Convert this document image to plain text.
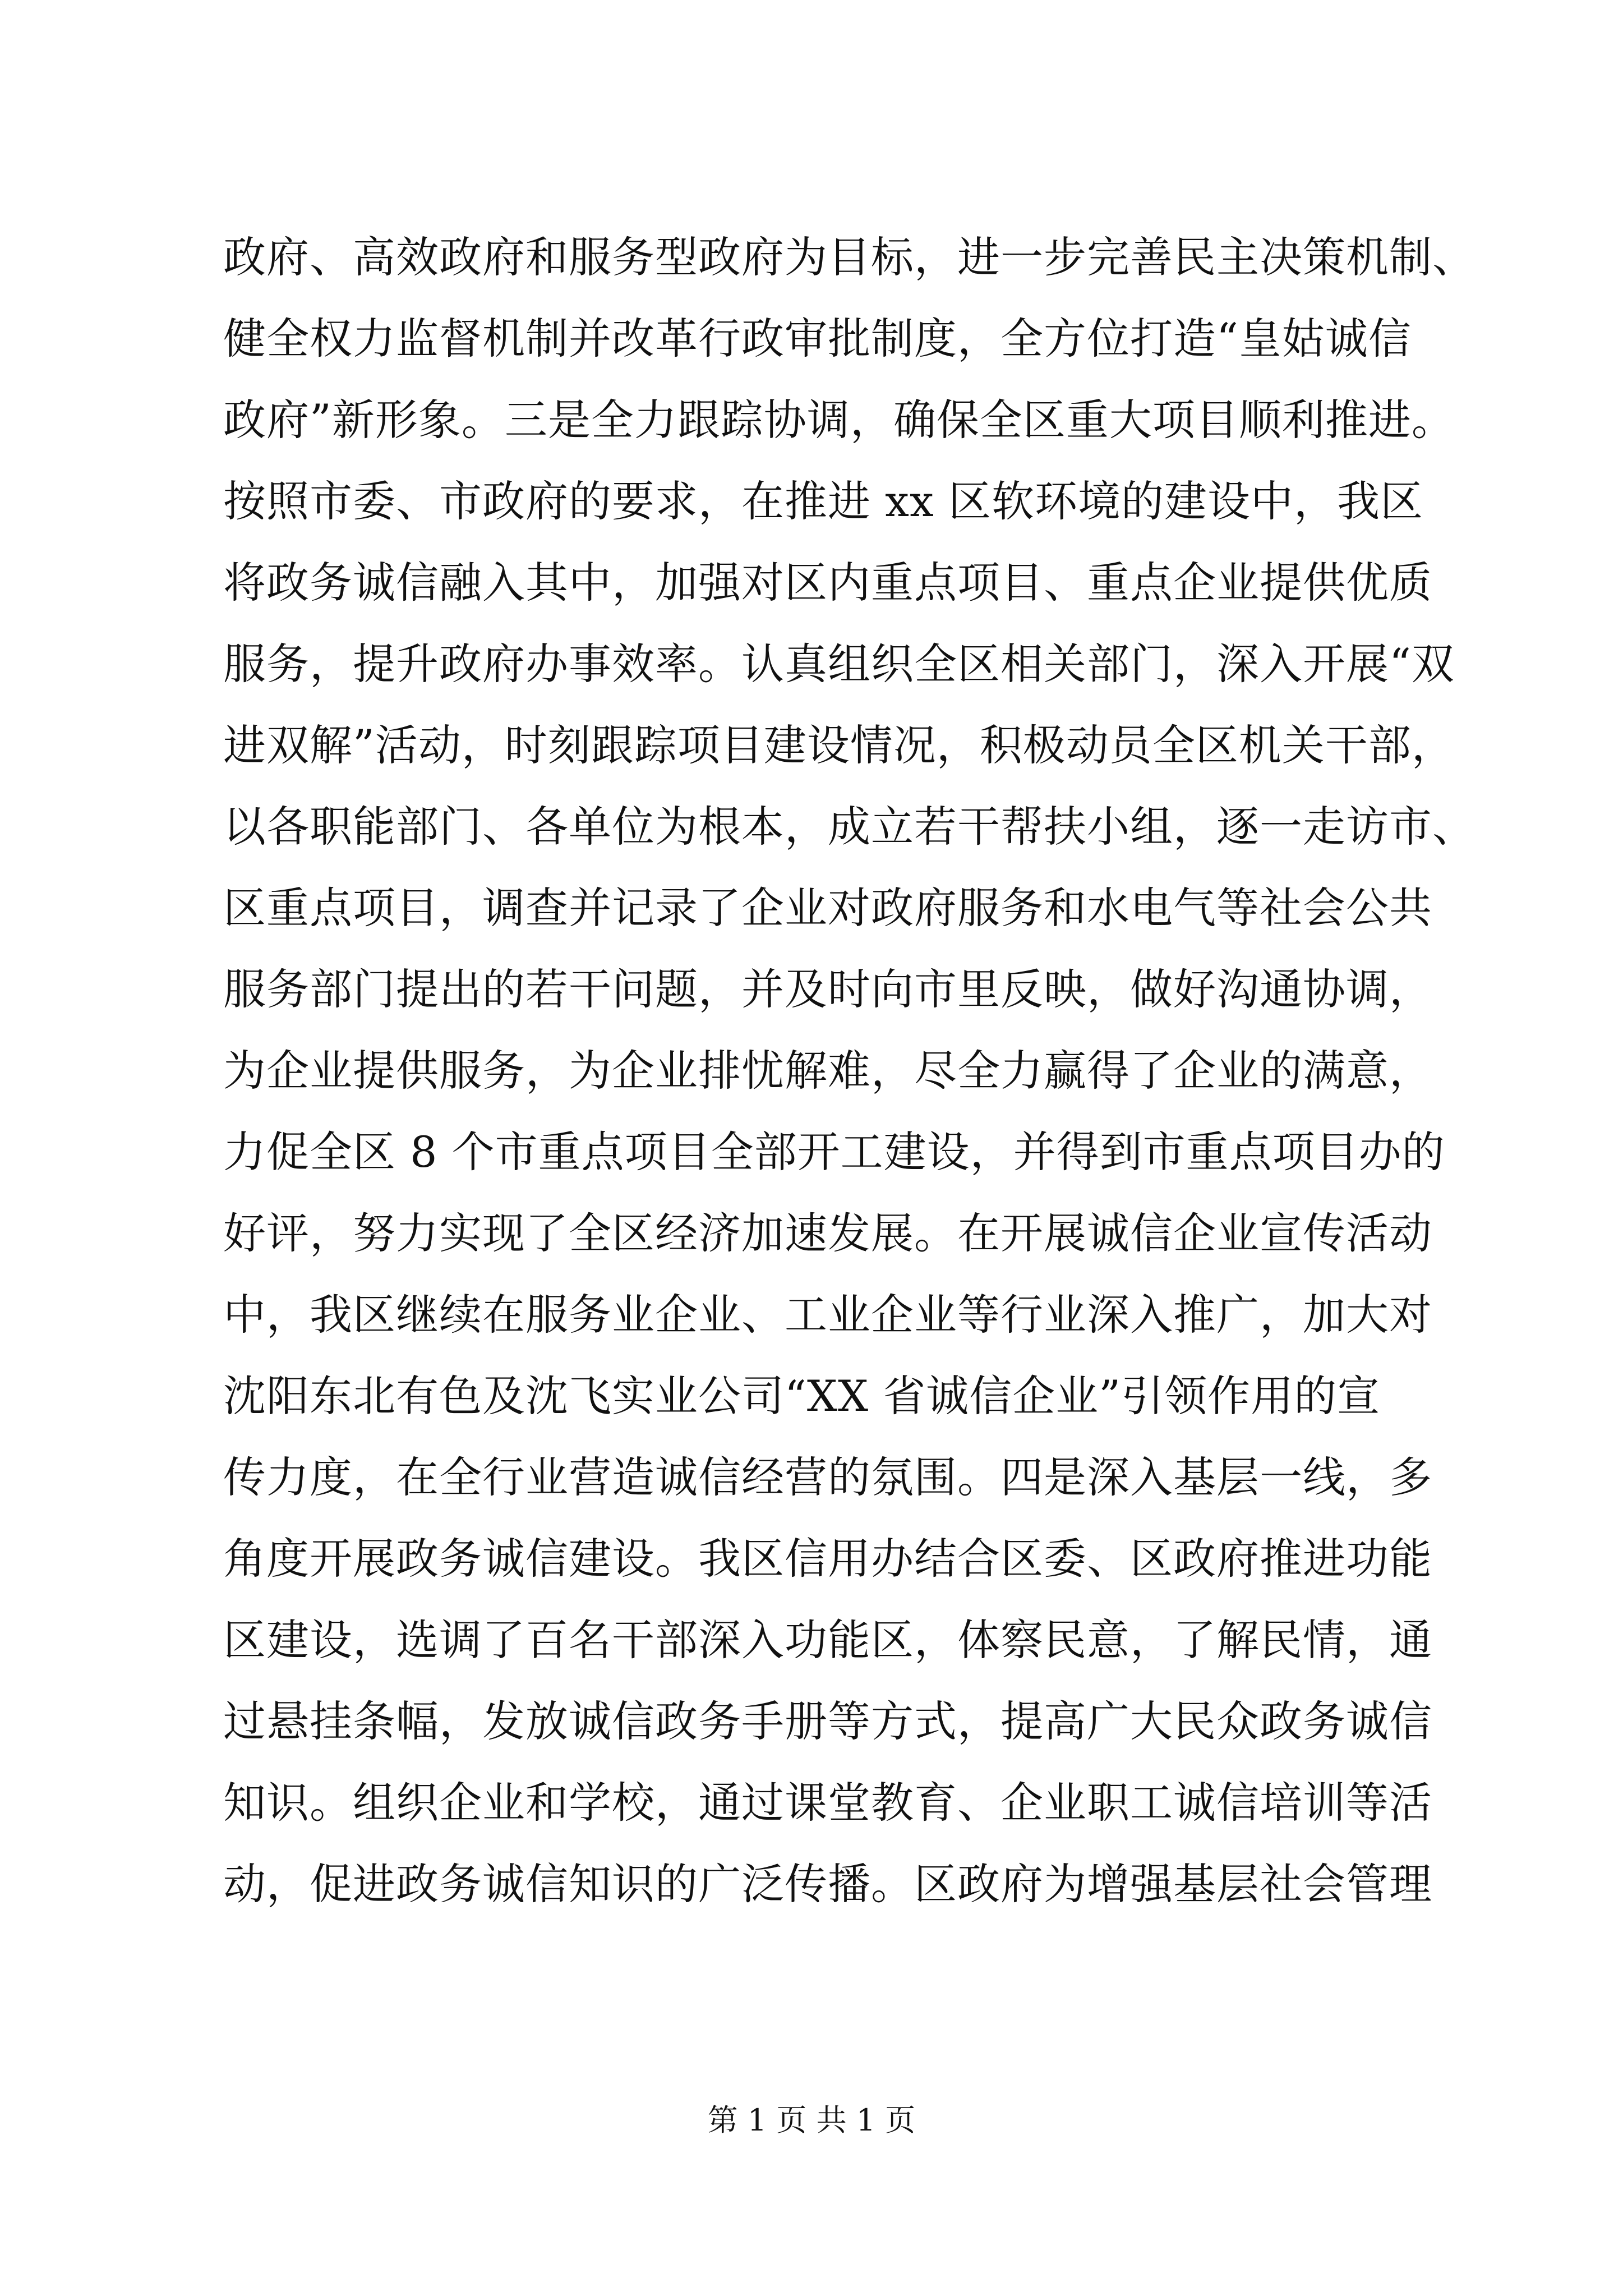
政府、高效政府和服务型政府为目标，进一步完善民主决策机制、
健全权力监督机制并改革行政审批制度，全方位打造“皇姑诚信
政府”新形象。三是全力跟踪协调，确保全区重大项目顺利推进。
按照市委、市政府的要求，在推进 xx 区软环境的建设中，我区
将政务诚信融入其中，加强对区内重点项目、重点企业提供优质
服务，提升政府办事效率。认真组织全区相关部门，深入开展“双
进双解”活动，时刻跟踪项目建设情况，积极动员全区机关干部，
以各职能部门、各单位为根本，成立若干帮扶小组，逐一走访市、
区重点项目，调查并记录了企业对政府服务和水电气等社会公共
服务部门提出的若干问题，并及时向市里反映，做好沟通协调，
为企业提供服务，为企业排忧解难，尽全力赢得了企业的满意，
力促全区 8 个市重点项目全部开工建设，并得到市重点项目办的
好评，努力实现了全区经济加速发展。在开展诚信企业宣传活动
中，我区继续在服务业企业、工业企业等行业深入推广，加大对
沈阳东北有色及沈飞实业公司“XX 省诚信企业”引领作用的宣
传力度，在全行业营造诚信经营的氛围。四是深入基层一线，多
角度开展政务诚信建设。我区信用办结合区委、区政府推进功能
区建设，选调了百名干部深入功能区，体察民意，了解民情，通
过悬挂条幅，发放诚信政务手册等方式，提高广大民众政务诚信
知识。组织企业和学校，通过课堂教育、企业职工诚信培训等活
动，促进政务诚信知识的广泛传播。区政府为增强基层社会管理
第 1 页 共 1 页
